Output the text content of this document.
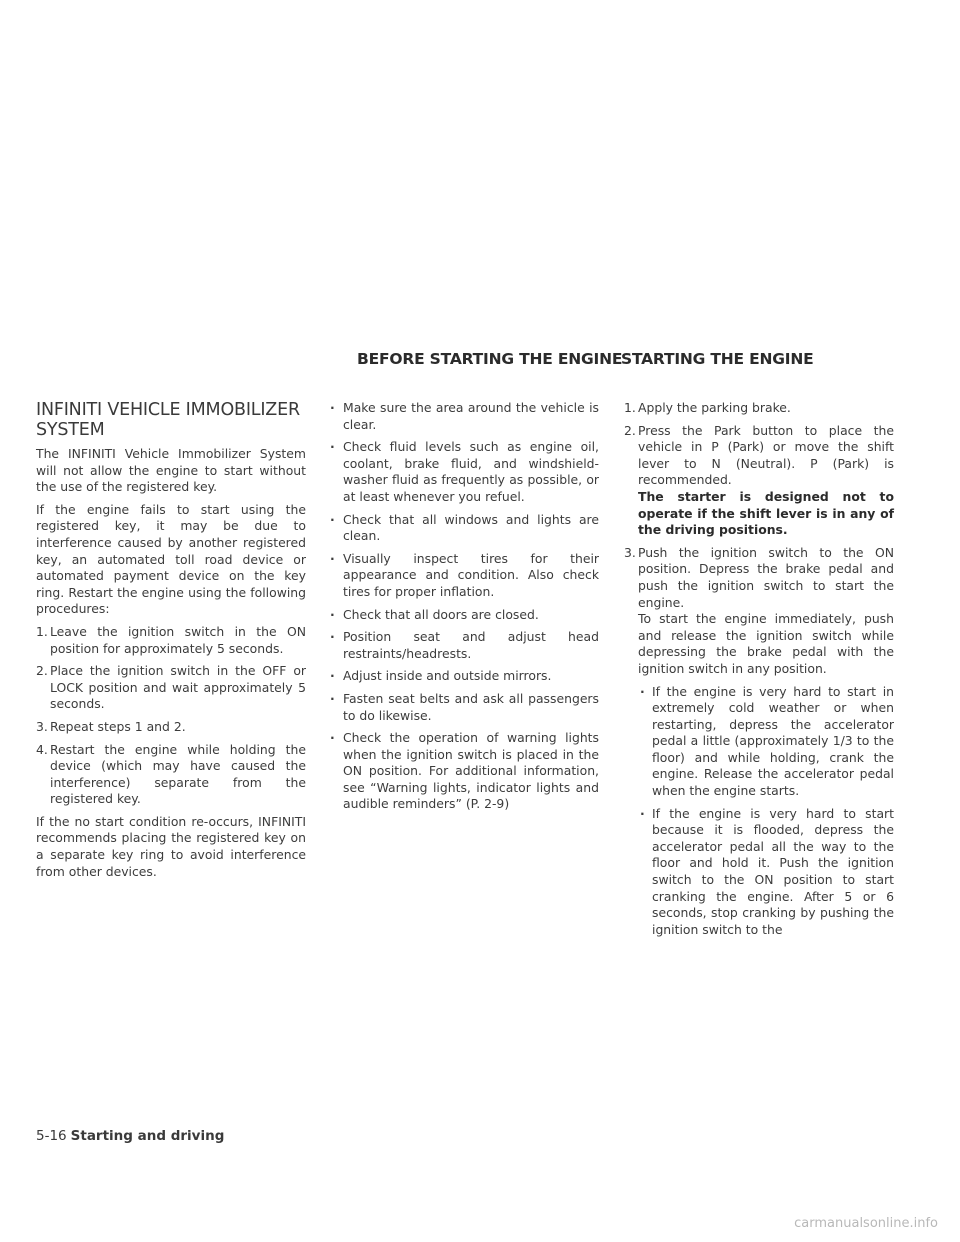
BEFORE STARTING THE ENGINE
STARTING THE ENGINE
INFINITI VEHICLE IMMOBILIZER SYSTEM

The INFINITI Vehicle Immobilizer System will not allow the engine to start without the use of the registered key.

If the engine fails to start using the registered key, it may be due to interference caused by another registered key, an automated toll road device or automated payment device on the key ring. Restart the engine using the following procedures:

1. Leave the ignition switch in the ON position for approximately 5 seconds.
2. Place the ignition switch in the OFF or LOCK position and wait approximately 5 seconds.
3. Repeat steps 1 and 2.
4. Restart the engine while holding the device (which may have caused the interference) separate from the registered key.

If the no start condition re-occurs, INFINITI recommends placing the registered key on a separate key ring to avoid interference from other devices.

· Make sure the area around the vehicle is clear.
· Check fluid levels such as engine oil, coolant, brake fluid, and windshield-washer fluid as frequently as possible, or at least whenever you refuel.
· Check that all windows and lights are clean.
· Visually inspect tires for their appearance and condition. Also check tires for proper inflation.
· Check that all doors are closed.
· Position seat and adjust head restraints/headrests.
· Adjust inside and outside mirrors.
· Fasten seat belts and ask all passengers to do likewise.
· Check the operation of warning lights when the ignition switch is placed in the ON position. For additional information, see “Warning lights, indicator lights and audible reminders” (P. 2-9)
1. Apply the parking brake.
2. Press the Park button to place the vehicle in P (Park) or move the shift lever to N (Neutral). P (Park) is recommended.

The starter is designed not to operate if the shift lever is in any of the driving positions.

3. Push the ignition switch to the ON position. Depress the brake pedal and push the ignition switch to start the engine.

To start the engine immediately, push and release the ignition switch while depressing the brake pedal with the ignition switch in any position.

· If the engine is very hard to start in extremely cold weather or when restarting, depress the accelerator pedal a little (approximately 1/3 to the floor) and while holding, crank the engine. Release the accelerator pedal when the engine starts.
· If the engine is very hard to start because it is flooded, depress the accelerator pedal all the way to the floor and hold it. Push the ignition switch to the ON position to start cranking the engine. After 5 or 6 seconds, stop cranking by pushing the ignition switch to the
5-16 Starting and driving
carmanualsonline.info
